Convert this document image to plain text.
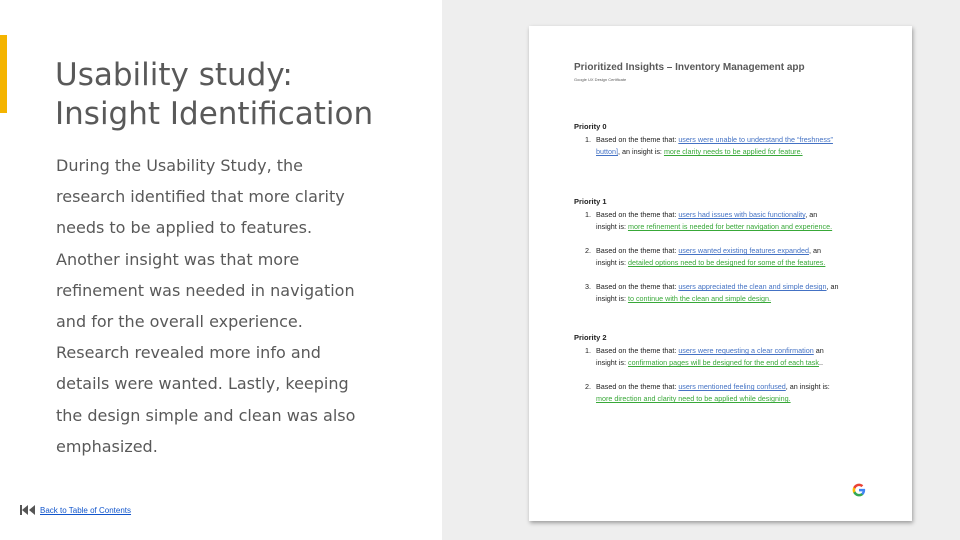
Usability study:
Insight Identification
During the Usability Study, the
research identified that more clarity
needs to be applied to features.
Another insight was that more
refinement was needed in navigation
and for the overall experience.
Research revealed more info and
details were wanted. Lastly, keeping
the design simple and clean was also
emphasized.
Back to Table of Contents
Prioritized Insights – Inventory Management app
Google UX Design Certificate
Priority 0
1. Based on the theme that: users were unable to understand the “freshness”
button], an insight is: more clarity needs to be applied for feature.
Priority 1
1. Based on the theme that: users had issues with basic functionality, an
insight is: more refinement is needed for better navigation and experience.
2. Based on the theme that: users wanted existing features expanded, an
insight is: detailed options need to be designed for some of the features.
3. Based on the theme that: users appreciated the clean and simple design, an
insight is: to continue with the clean and simple design.
Priority 2
1. Based on the theme that: users were requesting a clear confirmation an
insight is: confirmation pages will be designed for the end of each task..
2. Based on the theme that: users mentioned feeling confused, an insight is:
more direction and clarity need to be applied while designing.
